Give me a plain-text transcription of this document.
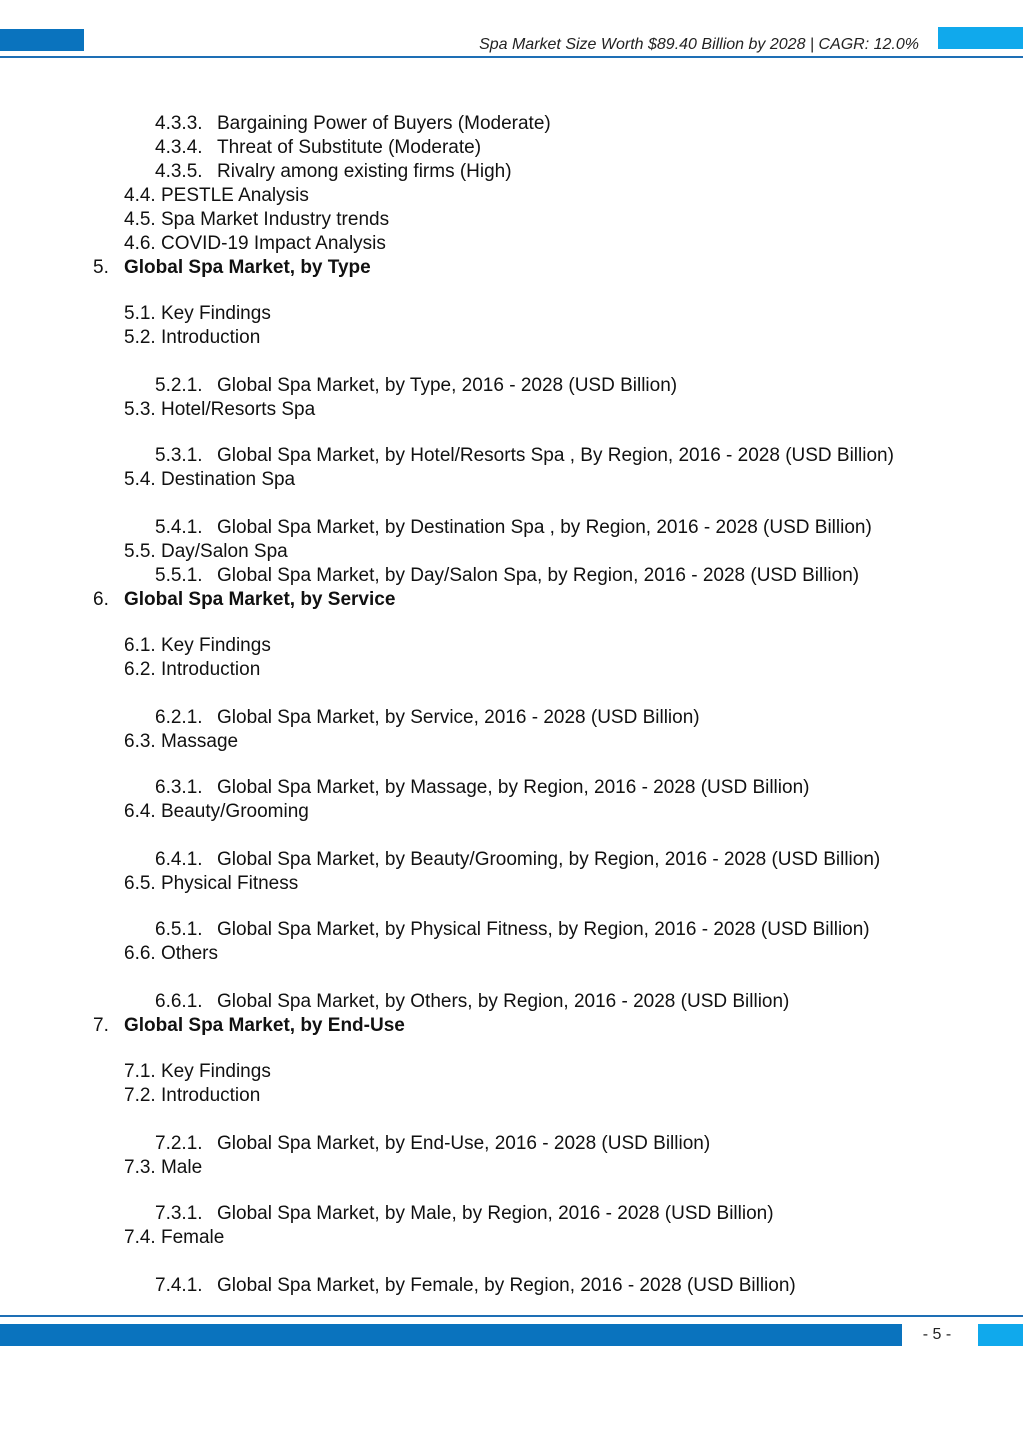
Spa Market Size Worth $89.40 Billion by 2028 | CAGR: 12.0%
4.3.3. Bargaining Power of Buyers (Moderate)
4.3.4. Threat of Substitute (Moderate)
4.3.5. Rivalry among existing firms (High)
4.4. PESTLE Analysis
4.5. Spa Market Industry trends
4.6. COVID-19 Impact Analysis
5. Global Spa Market, by Type
5.1. Key Findings
5.2. Introduction
5.2.1. Global Spa Market, by Type, 2016 - 2028 (USD Billion)
5.3. Hotel/Resorts Spa
5.3.1. Global Spa Market, by Hotel/Resorts Spa , By Region, 2016 - 2028 (USD Billion)
5.4. Destination Spa
5.4.1. Global Spa Market, by Destination Spa , by Region, 2016 - 2028 (USD Billion)
5.5. Day/Salon Spa
5.5.1. Global Spa Market, by Day/Salon Spa, by Region, 2016 - 2028 (USD Billion)
6. Global Spa Market, by Service
6.1. Key Findings
6.2. Introduction
6.2.1. Global Spa Market, by Service, 2016 - 2028 (USD Billion)
6.3. Massage
6.3.1. Global Spa Market, by Massage, by Region, 2016 - 2028 (USD Billion)
6.4. Beauty/Grooming
6.4.1. Global Spa Market, by Beauty/Grooming, by Region, 2016 - 2028 (USD Billion)
6.5. Physical Fitness
6.5.1. Global Spa Market, by Physical Fitness, by Region, 2016 - 2028 (USD Billion)
6.6. Others
6.6.1. Global Spa Market, by Others, by Region, 2016 - 2028 (USD Billion)
7. Global Spa Market, by End-Use
7.1. Key Findings
7.2. Introduction
7.2.1. Global Spa Market, by End-Use, 2016 - 2028 (USD Billion)
7.3. Male
7.3.1. Global Spa Market, by Male, by Region, 2016 - 2028 (USD Billion)
7.4. Female
7.4.1. Global Spa Market, by Female, by Region, 2016 - 2028 (USD Billion)
- 5 -
